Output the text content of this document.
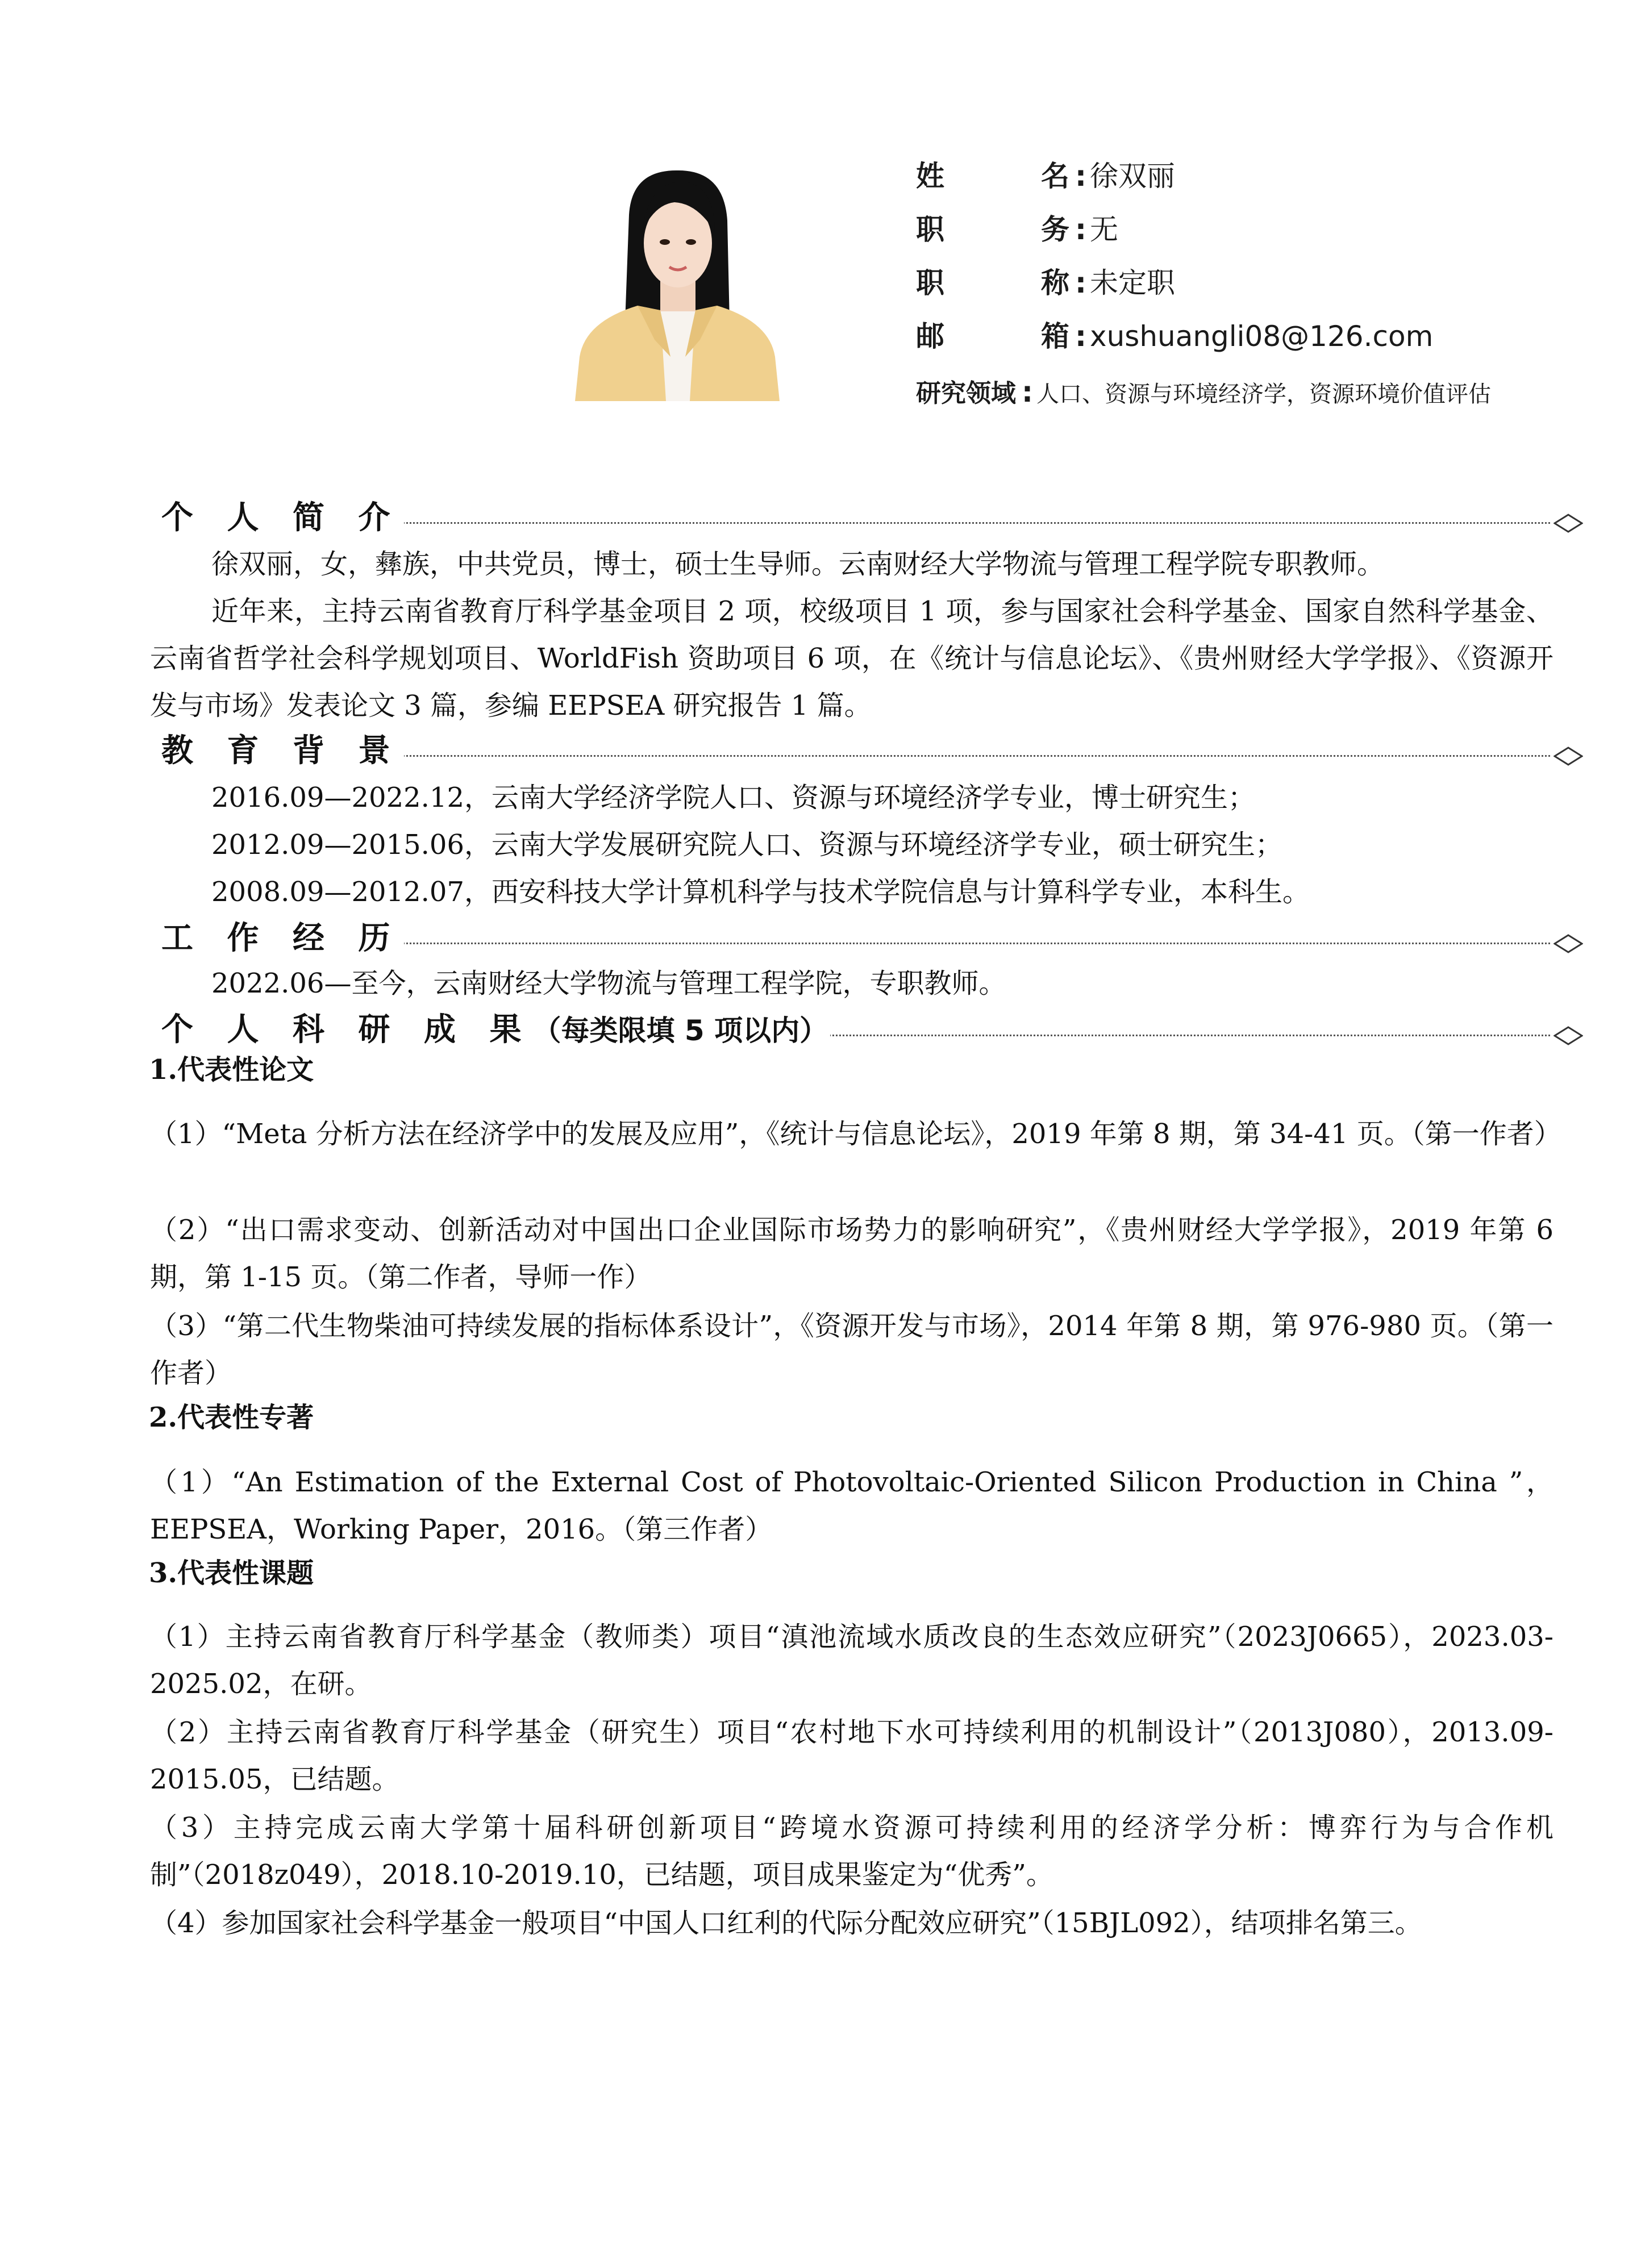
姓	名 : 徐双丽
职	务 : 无
职	称 : 未定职
邮	箱 : xushuangli08@126.com
研究领域 : 人口、资源与环境经济学，资源环境价值评估
个 人 简 介
徐双丽，女，彝族，中共党员，博士，硕士生导师。云南财经大学物流与管理工程学院专职教师。
近年来，主持云南省教育厅科学基金项目 2 项，校级项目 1 项，参与国家社会科学基金、国家自然科学基金、云南省哲学社会科学规划项目、WorldFish 资助项目 6 项，在《统计与信息论坛》、《贵州财经大学学报》、《资源开发与市场》发表论文 3 篇，参编 EEPSEA 研究报告 1 篇。
教 育 背 景
2016.09—2022.12，云南大学经济学院人口、资源与环境经济学专业，博士研究生；
2012.09—2015.06，云南大学发展研究院人口、资源与环境经济学专业，硕士研究生；
2008.09—2012.07，西安科技大学计算机科学与技术学院信息与计算科学专业，本科生。
工 作 经 历
2022.06—至今，云南财经大学物流与管理工程学院，专职教师。
个 人 科 研 成 果（每类限填 5 项以内）
1.代表性论文
（1）“Meta 分析方法在经济学中的发展及应用”，《统计与信息论坛》，2019 年第 8 期，第 34-41 页。（第一作者）
（2）“出口需求变动、创新活动对中国出口企业国际市场势力的影响研究”，《贵州财经大学学报》，2019 年第 6 期，第 1-15 页。（第二作者，导师一作）
（3）“第二代生物柴油可持续发展的指标体系设计”，《资源开发与市场》，2014 年第 8 期，第 976-980 页。（第一作者）
2.代表性专著
（1）“An Estimation of the External Cost of Photovoltaic-Oriented Silicon Production in China ”， EEPSEA，Working Paper，2016。（第三作者）
3.代表性课题
（1）主持云南省教育厅科学基金（教师类）项目“滇池流域水质改良的生态效应研究”（2023J0665），2023.03-2025.02，在研。
（2）主持云南省教育厅科学基金（研究生）项目“农村地下水可持续利用的机制设计”（2013J080），2013.09-2015.05，已结题。
（3）主持完成云南大学第十届科研创新项目“跨境水资源可持续利用的经济学分析：博弈行为与合作机制”（2018z049），2018.10-2019.10，已结题，项目成果鉴定为“优秀”。
（4）参加国家社会科学基金一般项目“中国人口红利的代际分配效应研究”（15BJL092），结项排名第三。
